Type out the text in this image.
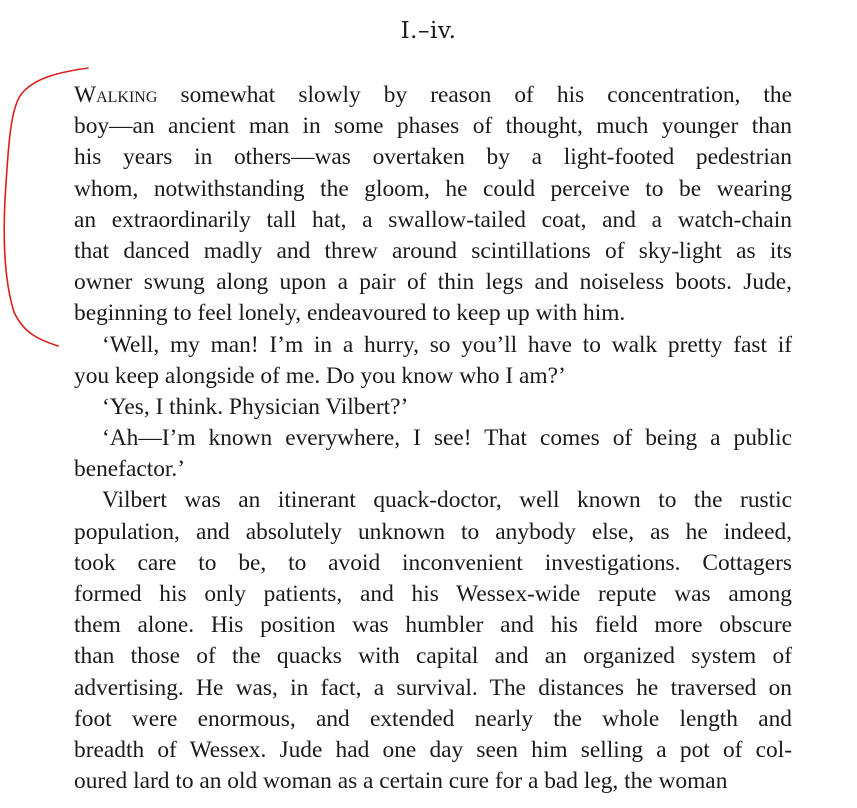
I.–iv.
Walking somewhat slowly by reason of his concentration, the
boy—an ancient man in some phases of thought, much younger than
his years in others—was overtaken by a light-footed pedestrian
whom, notwithstanding the gloom, he could perceive to be wearing
an extraordinarily tall hat, a swallow-tailed coat, and a watch-chain
that danced madly and threw around scintillations of sky-light as its
owner swung along upon a pair of thin legs and noiseless boots. Jude,
beginning to feel lonely, endeavoured to keep up with him.
‘Well, my man! I’m in a hurry, so you’ll have to walk pretty fast if
you keep alongside of me. Do you know who I am?’
‘Yes, I think. Physician Vilbert?’
‘Ah—I’m known everywhere, I see! That comes of being a public
benefactor.’
Vilbert was an itinerant quack-doctor, well known to the rustic
population, and absolutely unknown to anybody else, as he indeed,
took care to be, to avoid inconvenient investigations. Cottagers
formed his only patients, and his Wessex-wide repute was among
them alone. His position was humbler and his field more obscure
than those of the quacks with capital and an organized system of
advertising. He was, in fact, a survival. The distances he traversed on
foot were enormous, and extended nearly the whole length and
breadth of Wessex. Jude had one day seen him selling a pot of col-
oured lard to an old woman as a certain cure for a bad leg, the woman
